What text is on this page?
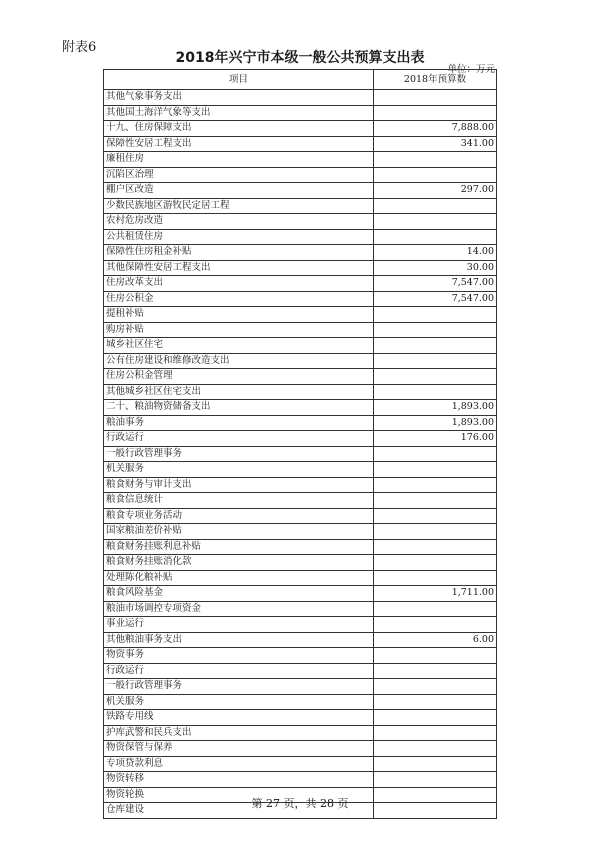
附表6
2018年兴宁市本级一般公共预算支出表
单位：万元
项目	2018年预算数
其他气象事务支出	
其他国土海洋气象等支出	
十九、住房保障支出	7,888.00
保障性安居工程支出	341.00
廉租住房	
沉陷区治理	
棚户区改造	297.00
少数民族地区游牧民定居工程	
农村危房改造	
公共租赁住房	
保障性住房租金补贴	14.00
其他保障性安居工程支出	30.00
住房改革支出	7,547.00
住房公积金	7,547.00
提租补贴	
购房补贴	
城乡社区住宅	
公有住房建设和维修改造支出	
住房公积金管理	
其他城乡社区住宅支出	
二十、粮油物资储备支出	1,893.00
粮油事务	1,893.00
行政运行	176.00
一般行政管理事务	
机关服务	
粮食财务与审计支出	
粮食信息统计	
粮食专项业务活动	
国家粮油差价补贴	
粮食财务挂账利息补贴	
粮食财务挂账消化款	
处理陈化粮补贴	
粮食风险基金	1,711.00
粮油市场调控专项资金	
事业运行	
其他粮油事务支出	6.00
物资事务	
行政运行	
一般行政管理事务	
机关服务	
铁路专用线	
护库武警和民兵支出	
物资保管与保养	
专项贷款利息	
物资转移	
物资轮换	
仓库建设		第 27 页，共 28 页
